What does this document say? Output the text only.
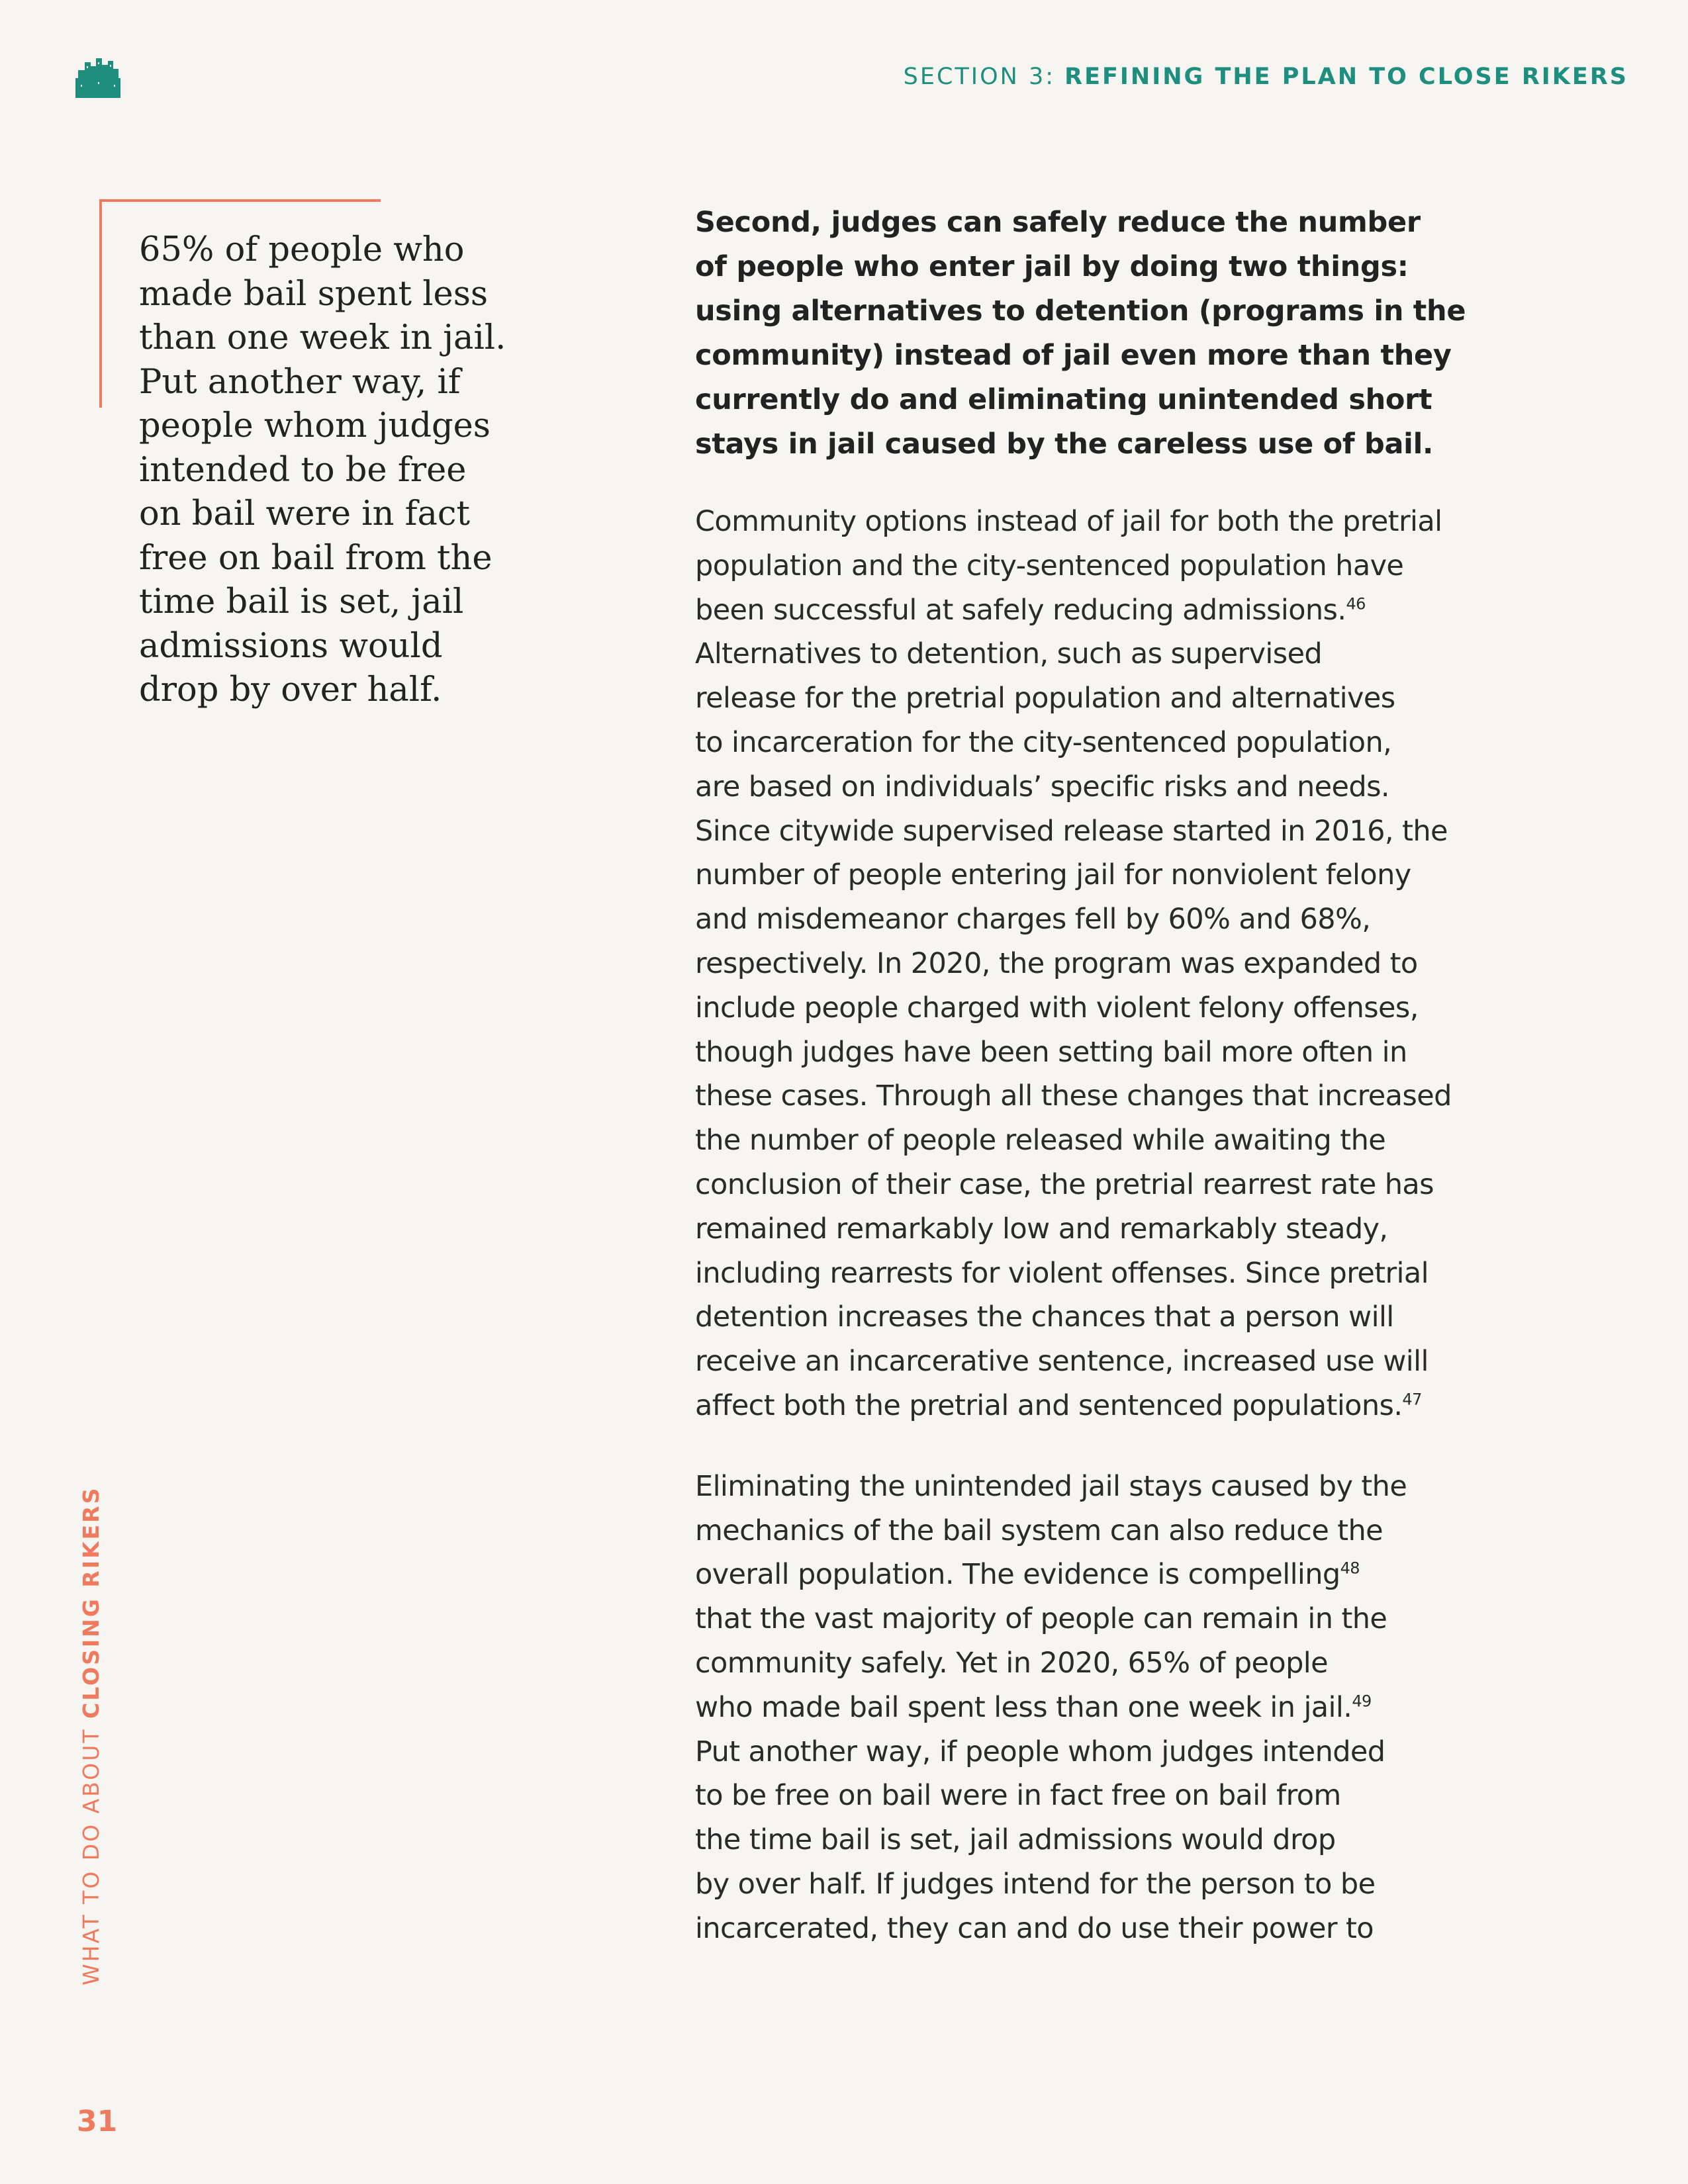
SECTION 3: REFINING THE PLAN TO CLOSE RIKERS
65% of people who
made bail spent less
than one week in jail.
Put another way, if
people whom judges
intended to be free
on bail were in fact
free on bail from the
time bail is set, jail
admissions would
drop by over half.
Second, judges can safely reduce the number
of people who enter jail by doing two things:
using alternatives to detention (programs in the
community) instead of jail even more than they
currently do and eliminating unintended short
stays in jail caused by the careless use of bail.
Community options instead of jail for both the pretrial
population and the city-sentenced population have
been successful at safely reducing admissions.$^{46}$
Alternatives to detention, such as supervised
release for the pretrial population and alternatives
to incarceration for the city-sentenced population,
are based on individuals’ specific risks and needs.
Since citywide supervised release started in 2016, the
number of people entering jail for nonviolent felony
and misdemeanor charges fell by 60% and 68%,
respectively. In 2020, the program was expanded to
include people charged with violent felony offenses,
though judges have been setting bail more often in
these cases. Through all these changes that increased
the number of people released while awaiting the
conclusion of their case, the pretrial rearrest rate has
remained remarkably low and remarkably steady,
including rearrests for violent offenses. Since pretrial
detention increases the chances that a person will
receive an incarcerative sentence, increased use will
affect both the pretrial and sentenced populations.$^{47}$
Eliminating the unintended jail stays caused by the
mechanics of the bail system can also reduce the
overall population. The evidence is compelling$^{48}$
that the vast majority of people can remain in the
community safely. Yet in 2020, 65% of people
who made bail spent less than one week in jail.$^{49}$
Put another way, if people whom judges intended
to be free on bail were in fact free on bail from
the time bail is set, jail admissions would drop
by over half. If judges intend for the person to be
incarcerated, they can and do use their power to
WHAT TO DO ABOUT CLOSING RIKERS
31
